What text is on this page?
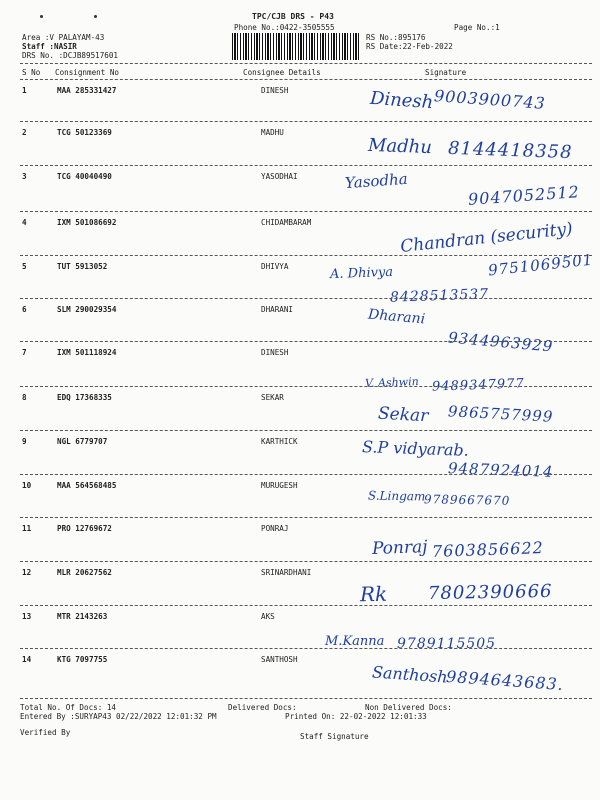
TPC/CJB DRS - P43
Phone No.:0422-3505555	Page No.:1
Area :V PALAYAM-43
Staff :NASIR
DRS No. :DCJB89517601
RS No.:895176
RS Date:22-Feb-2022
S No Consignment No	Consignee Details	Signature
1	MAA 285331427	DINESH	Dinesh 9003900743
2	TCG 50123369	MADHU
Madhu 8144418358
3	TCG 40040490	YASODHAI	Yasodha
9047052512
4	IXM 501086692	CHIDAMBARAM	Chandran (security)
9751069501
5	TUT 5913052	DHIVYA	A. Dhivya
8428513537
6	SLM 290029354	DHARANI	Dharani
9344963929
7	IXM 501118924	DINESH
V. Ashwin 9489347977
8	EDQ 17368335	SEKAR
Sekar 9865757999
9	NGL 6779707	KARTHICK	S.P vidyarab.
9487924014
10	MAA 564568485	MURUGESH
S.Lingam
9789667670
11	PRO 12769672	PONRAJ
Ponraj 7603856622
12	MLR 20627562	SRINARDHANI
Rk 7802390666
13	MTR 2143263	AKS
M.Kanna 9789115505
14	KTG 7097755	SANTHOSH
Santhosh
9894643683.
Total No. Of Docs: 14	Delivered Docs:	Non Delivered Docs:
Entered By :SURYAP43 02/22/2022 12:01:32 PM	Printed On: 22-02-2022 12:01:33
Verified By	Staff Signature
